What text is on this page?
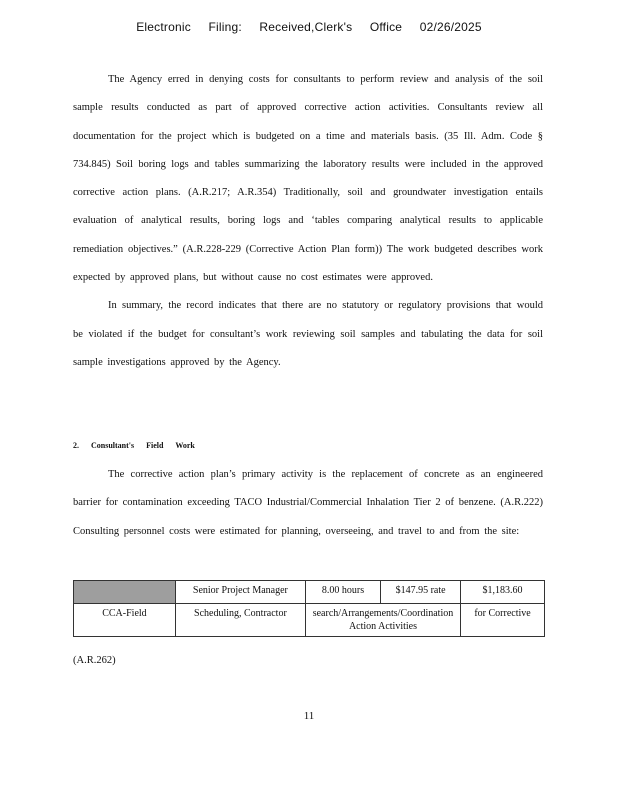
Electronic Filing: Received,Clerk's Office 02/26/2025

The Agency erred in denying costs for consultants to perform review and analysis of the soil sample results conducted as part of approved corrective action activities. Consultants review all documentation for the project which is budgeted on a time and materials basis. (35 Ill. Adm. Code § 734.845) Soil boring logs and tables summarizing the laboratory results were included in the approved corrective action plans. (A.R.217; A.R.354) Traditionally, soil and groundwater investigation entails evaluation of analytical results, boring logs and ‘tables comparing analytical results to applicable remediation objectives.” (A.R.228-229 (Corrective Action Plan form)) The work budgeted describes work expected by approved plans, but without cause no cost estimates were approved.

In summary, the record indicates that there are no statutory or regulatory provisions that would be violated if the budget for consultant’s work reviewing soil samples and tabulating the data for soil sample investigations approved by the Agency.

2. Consultant's Field Work

The corrective action plan’s primary activity is the replacement of concrete as an engineered barrier for contamination exceeding TACO Industrial/Commercial Inhalation Tier 2 of benzene. (A.R.222) Consulting personnel costs were estimated for planning, overseeing, and travel to and from the site:

	Senior Project Manager	8.00 hours	$147.95 rate	$1,183.60
CCA-Field	Scheduling, Contractor	search/Arrangements/Coordination Action Activities		for Corrective
(A.R.262)
11
